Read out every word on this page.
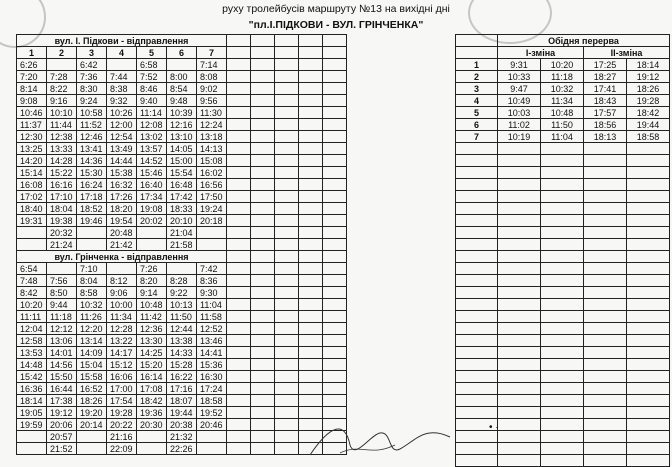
руху тролейбусів маршруту №13 на вихідні дні
"пл.І.ПІДКОВИ - ВУЛ. ГРІНЧЕНКА"
вул. І. Підкови - відправлення											
1	2	3	4	5	6	7					
6:26		6:42		6:58		7:14					
7:20	7:28	7:36	7:44	7:52	8:00	8:08					
8:14	8:22	8:30	8:38	8:46	8:54	9:02					
9:08	9:16	9:24	9:32	9:40	9:48	9:56					
10:46	10:10	10:58	10:26	11:14	10:39	11:30					
11:37	11:44	11:52	12:00	12:08	12:16	12:24					
12:30	12:38	12:46	12:54	13:02	13:10	13:18					
13:25	13:33	13:41	13:49	13:57	14:05	14:13					
14:20	14:28	14:36	14:44	14:52	15:00	15:08					
15:14	15:22	15:30	15:38	15:46	15:54	16:02					
16:08	16:16	16:24	16:32	16:40	16:48	16:56					
17:02	17:10	17:18	17:26	17:34	17:42	17:50					
18:40	18:04	18:52	18:20	19:08	18:33	19:24					
19:31	19:38	19:46	19:54	20:02	20:10	20:18					
	20:32		20:48		21:04						
	21:24		21:42		21:58						
вул. Грінченка - відправлення											
6:54		7:10		7:26		7:42					
7:48	7:56	8:04	8:12	8:20	8:28	8:36					
8:42	8:50	8:58	9:06	9:14	9:22	9:30					
10:20	9:44	10:32	10:00	10:48	10:13	11:04					
11:11	11:18	11:26	11:34	11:42	11:50	11:58					
12:04	12:12	12:20	12:28	12:36	12:44	12:52					
12:58	13:06	13:14	13:22	13:30	13:38	13:46					
13:53	14:01	14:09	14:17	14:25	14:33	14:41					
14:48	14:56	15:04	15:12	15:20	15:28	15:36					
15:42	15:50	15:58	16:06	16:14	16:22	16:30					
16:36	16:44	16:52	17:00	17:08	17:16	17:24					
18:14	17:38	18:26	17:54	18:42	18:07	18:58					
19:05	19:12	19:20	19:28	19:36	19:44	19:52					
19:59	20:06	20:14	20:22	20:30	20:38	20:46					
	20:57		21:16		21:32						
	21:52		22:09		22:26						
	Обідня перерва			
	І-зміна		ІІ-зміна	
1	9:31	10:20	17:25	18:14
2	10:33	11:18	18:27	19:12
3	9:47	10:32	17:41	18:26
4	10:49	11:34	18:43	19:28
5	10:03	10:48	17:57	18:42
6	11:02	11:50	18:56	19:44
7	10:19	11:04	18:13	18:58

• ·
